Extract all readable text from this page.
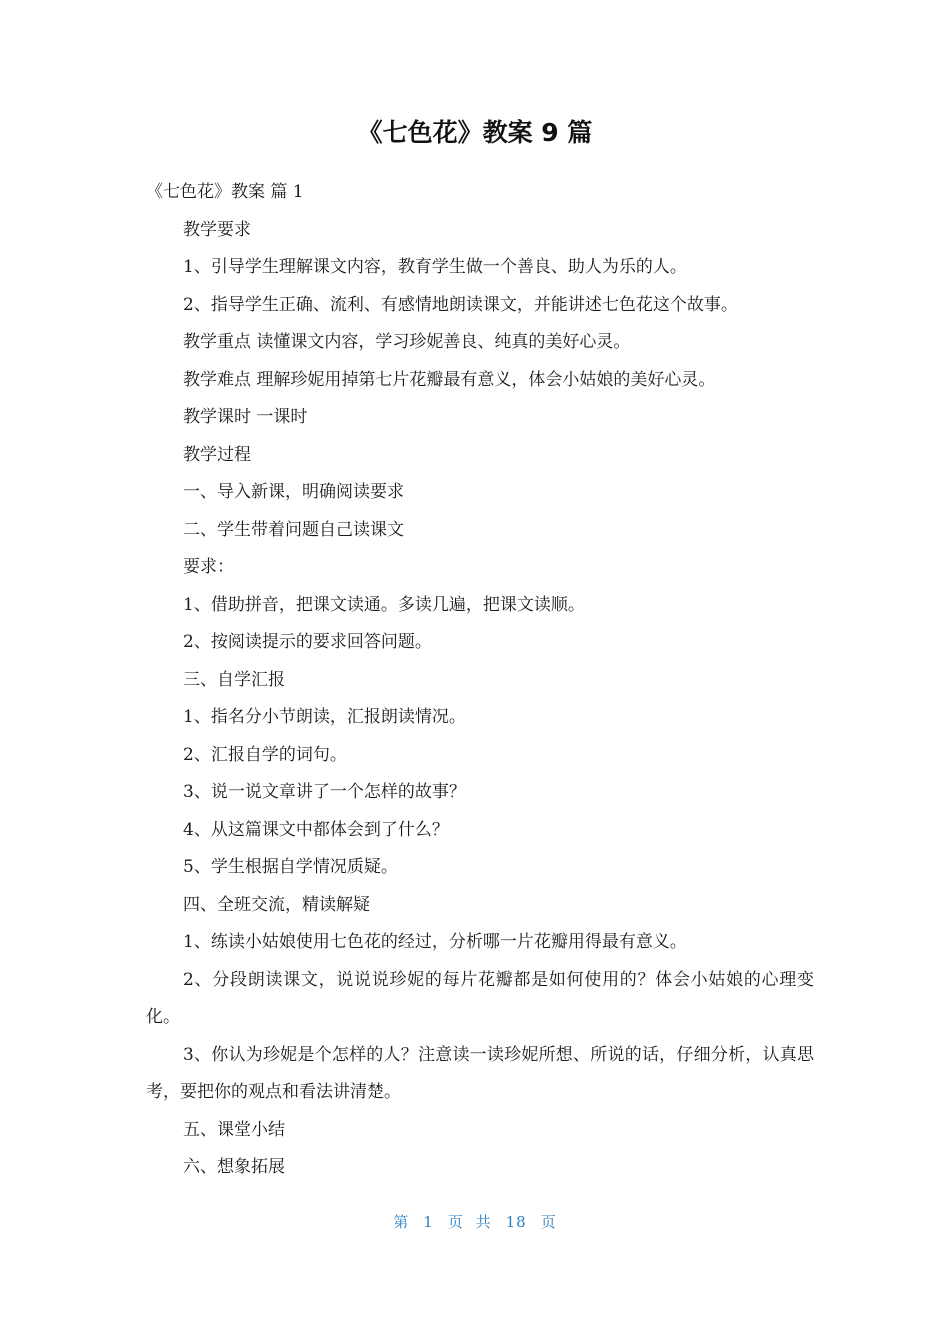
《七色花》教案 9 篇

《七色花》教案 篇 1

教学要求

1、引导学生理解课文内容，教育学生做一个善良、助人为乐的人。

2、指导学生正确、流利、有感情地朗读课文，并能讲述七色花这个故事。

教学重点 读懂课文内容，学习珍妮善良、纯真的美好心灵。

教学难点 理解珍妮用掉第七片花瓣最有意义，体会小姑娘的美好心灵。

教学课时 一课时

教学过程

一、导入新课，明确阅读要求

二、学生带着问题自己读课文

要求：

1、借助拼音，把课文读通。多读几遍，把课文读顺。

2、按阅读提示的要求回答问题。

三、自学汇报

1、指名分小节朗读，汇报朗读情况。

2、汇报自学的词句。

3、说一说文章讲了一个怎样的故事？

4、从这篇课文中都体会到了什么？

5、学生根据自学情况质疑。

四、全班交流，精读解疑

1、练读小姑娘使用七色花的经过，分析哪一片花瓣用得最有意义。

2、分段朗读课文，说说说珍妮的每片花瓣都是如何使用的？体会小姑娘的心理变化。

3、你认为珍妮是个怎样的人？注意读一读珍妮所想、所说的话，仔细分析，认真思考，要把你的观点和看法讲清楚。

五、课堂小结

六、想象拓展

第 1 页 共 18 页
